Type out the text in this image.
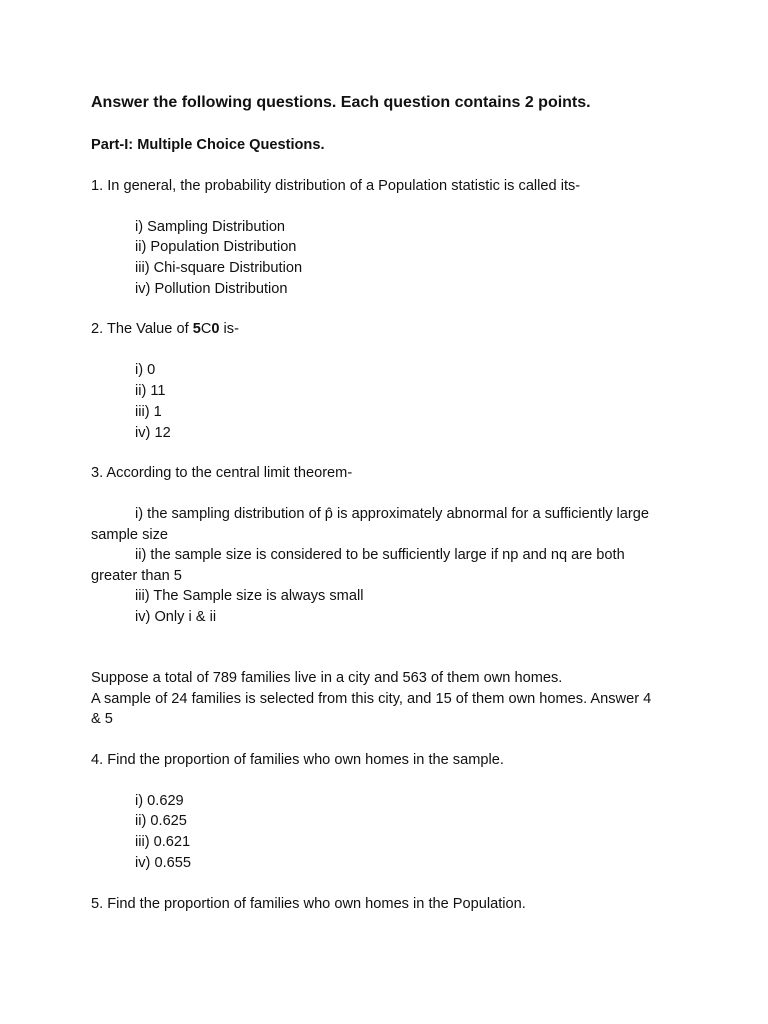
Answer the following questions. Each question contains 2 points.
Part-I: Multiple Choice Questions.
1. In general, the probability distribution of a Population statistic is called its-
i) Sampling Distribution
ii) Population Distribution
iii) Chi-square Distribution
iv) Pollution Distribution
2. The Value of 5C0 is-
i) 0
ii) 11
iii) 1
iv) 12
3. According to the central limit theorem-
i) the sampling distribution of p̂ is approximately abnormal for a sufficiently large
sample size
ii) the sample size is considered to be sufficiently large if np and nq are both
greater than 5
iii) The Sample size is always small
iv) Only i & ii
Suppose a total of 789 families live in a city and 563 of them own homes.
A sample of 24 families is selected from this city, and 15 of them own homes. Answer 4
& 5
4. Find the proportion of families who own homes in the sample.
i) 0.629
ii) 0.625
iii) 0.621
iv) 0.655
5. Find the proportion of families who own homes in the Population.
